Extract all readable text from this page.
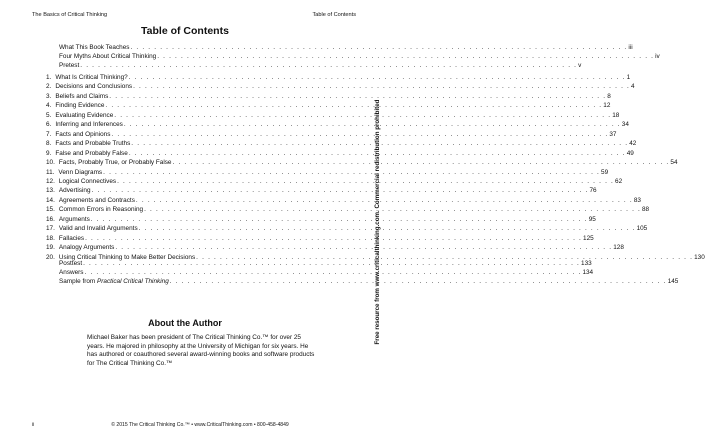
The Basics of Critical Thinking	Table of Contents
Table of Contents
What This Book Teaches . . . . . . . . . . . . . . . . . . . . . . . . . . . . . . . . . . . . . . . . . . . . . . . . . . . . . . . . . . . . . . . . . . . . . . . . . . . . . . . . . . . . iii
Four Myths About Critical Thinking . . . . . . . . . . . . . . . . . . . . . . . . . . . . . . . . . . . . . . . . . . . . . . . . . . . . . . . . . . . . . . . . . . . . . . . . . . . . . . . . . . . . iv
Pretest . . . . . . . . . . . . . . . . . . . . . . . . . . . . . . . . . . . . . . . . . . . . . . . . . . . . . . . . . . . . . . . . . . . . . . . . . . . . . . . . . . . . v
1. What Is Critical Thinking? . . . . . . . . . . . . . . . . . . . . . . . . . . . . . . . . . . . . . . . . . . . . . . . . . . . . . . . . . . . . . . . . . . . . . . . . . . . . . . . . . . . . 1
2. Decisions and Conclusions . . . . . . . . . . . . . . . . . . . . . . . . . . . . . . . . . . . . . . . . . . . . . . . . . . . . . . . . . . . . . . . . . . . . . . . . . . . . . . . . . . . . 4
3. Beliefs and Claims . . . . . . . . . . . . . . . . . . . . . . . . . . . . . . . . . . . . . . . . . . . . . . . . . . . . . . . . . . . . . . . . . . . . . . . . . . . . . . . . . . . . 8
4. Finding Evidence . . . . . . . . . . . . . . . . . . . . . . . . . . . . . . . . . . . . . . . . . . . . . . . . . . . . . . . . . . . . . . . . . . . . . . . . . . . . . . . . . . . . 12
5. Evaluating Evidence . . . . . . . . . . . . . . . . . . . . . . . . . . . . . . . . . . . . . . . . . . . . . . . . . . . . . . . . . . . . . . . . . . . . . . . . . . . . . . . . . . . . 18
6. Inferring and Inferences . . . . . . . . . . . . . . . . . . . . . . . . . . . . . . . . . . . . . . . . . . . . . . . . . . . . . . . . . . . . . . . . . . . . . . . . . . . . . . . . . . . . 34
7. Facts and Opinions . . . . . . . . . . . . . . . . . . . . . . . . . . . . . . . . . . . . . . . . . . . . . . . . . . . . . . . . . . . . . . . . . . . . . . . . . . . . . . . . . . . . 37
8. Facts and Probable Truths . . . . . . . . . . . . . . . . . . . . . . . . . . . . . . . . . . . . . . . . . . . . . . . . . . . . . . . . . . . . . . . . . . . . . . . . . . . . . . . . . . . . 42
9. False and Probably False . . . . . . . . . . . . . . . . . . . . . . . . . . . . . . . . . . . . . . . . . . . . . . . . . . . . . . . . . . . . . . . . . . . . . . . . . . . . . . . . . . . . 49
10. Facts, Probably True, or Probably False . . . . . . . . . . . . . . . . . . . . . . . . . . . . . . . . . . . . . . . . . . . . . . . . . . . . . . . . . . . . . . . . . . . . . . . . . . . . . . . . . . . . 54
11. Venn Diagrams . . . . . . . . . . . . . . . . . . . . . . . . . . . . . . . . . . . . . . . . . . . . . . . . . . . . . . . . . . . . . . . . . . . . . . . . . . . . . . . . . . . . 59
12. Logical Connectives . . . . . . . . . . . . . . . . . . . . . . . . . . . . . . . . . . . . . . . . . . . . . . . . . . . . . . . . . . . . . . . . . . . . . . . . . . . . . . . . . . . . 62
13. Advertising . . . . . . . . . . . . . . . . . . . . . . . . . . . . . . . . . . . . . . . . . . . . . . . . . . . . . . . . . . . . . . . . . . . . . . . . . . . . . . . . . . . . 76
14. Agreements and Contracts . . . . . . . . . . . . . . . . . . . . . . . . . . . . . . . . . . . . . . . . . . . . . . . . . . . . . . . . . . . . . . . . . . . . . . . . . . . . . . . . . . . . 83
15. Common Errors in Reasoning . . . . . . . . . . . . . . . . . . . . . . . . . . . . . . . . . . . . . . . . . . . . . . . . . . . . . . . . . . . . . . . . . . . . . . . . . . . . . . . . . . . . 88
16. Arguments . . . . . . . . . . . . . . . . . . . . . . . . . . . . . . . . . . . . . . . . . . . . . . . . . . . . . . . . . . . . . . . . . . . . . . . . . . . . . . . . . . . . 95
17. Valid and Invalid Arguments . . . . . . . . . . . . . . . . . . . . . . . . . . . . . . . . . . . . . . . . . . . . . . . . . . . . . . . . . . . . . . . . . . . . . . . . . . . . . . . . . . . . 105
18. Fallacies . . . . . . . . . . . . . . . . . . . . . . . . . . . . . . . . . . . . . . . . . . . . . . . . . . . . . . . . . . . . . . . . . . . . . . . . . . . . . . . . . . . . 125
19. Analogy Arguments . . . . . . . . . . . . . . . . . . . . . . . . . . . . . . . . . . . . . . . . . . . . . . . . . . . . . . . . . . . . . . . . . . . . . . . . . . . . . . . . . . . . 128
20. Using Critical Thinking to Make Better Decisions . . . . . . . . . . . . . . . . . . . . . . . . . . . . . . . . . . . . . . . . . . . . . . . . . . . . . . . . . . . . . . . . . . . . . . . . . . . . . . . . . . . . 130
Posttest . . . . . . . . . . . . . . . . . . . . . . . . . . . . . . . . . . . . . . . . . . . . . . . . . . . . . . . . . . . . . . . . . . . . . . . . . . . . . . . . . . . . 133
Answers . . . . . . . . . . . . . . . . . . . . . . . . . . . . . . . . . . . . . . . . . . . . . . . . . . . . . . . . . . . . . . . . . . . . . . . . . . . . . . . . . . . . 134
Sample from Practical Critical Thinking . . . . . . . . . . . . . . . . . . . . . . . . . . . . . . . . . . . . . . . . . . . . . . . . . . . . . . . . . . . . . . . . . . . . . . . . . . . . . . . . . . . . 145
About the Author
Michael Baker has been president of The Critical Thinking Co.™ for over 25 years. He majored in philosophy at the University of Michigan for six years. He has authored or coauthored several award-winning books and software products for The Critical Thinking Co.™
ii	© 2015 The Critical Thinking Co.™ • www.CriticalThinking.com • 800-458-4849
Free resource from www.criticalthinking.com. Commercial redistribution prohibited
